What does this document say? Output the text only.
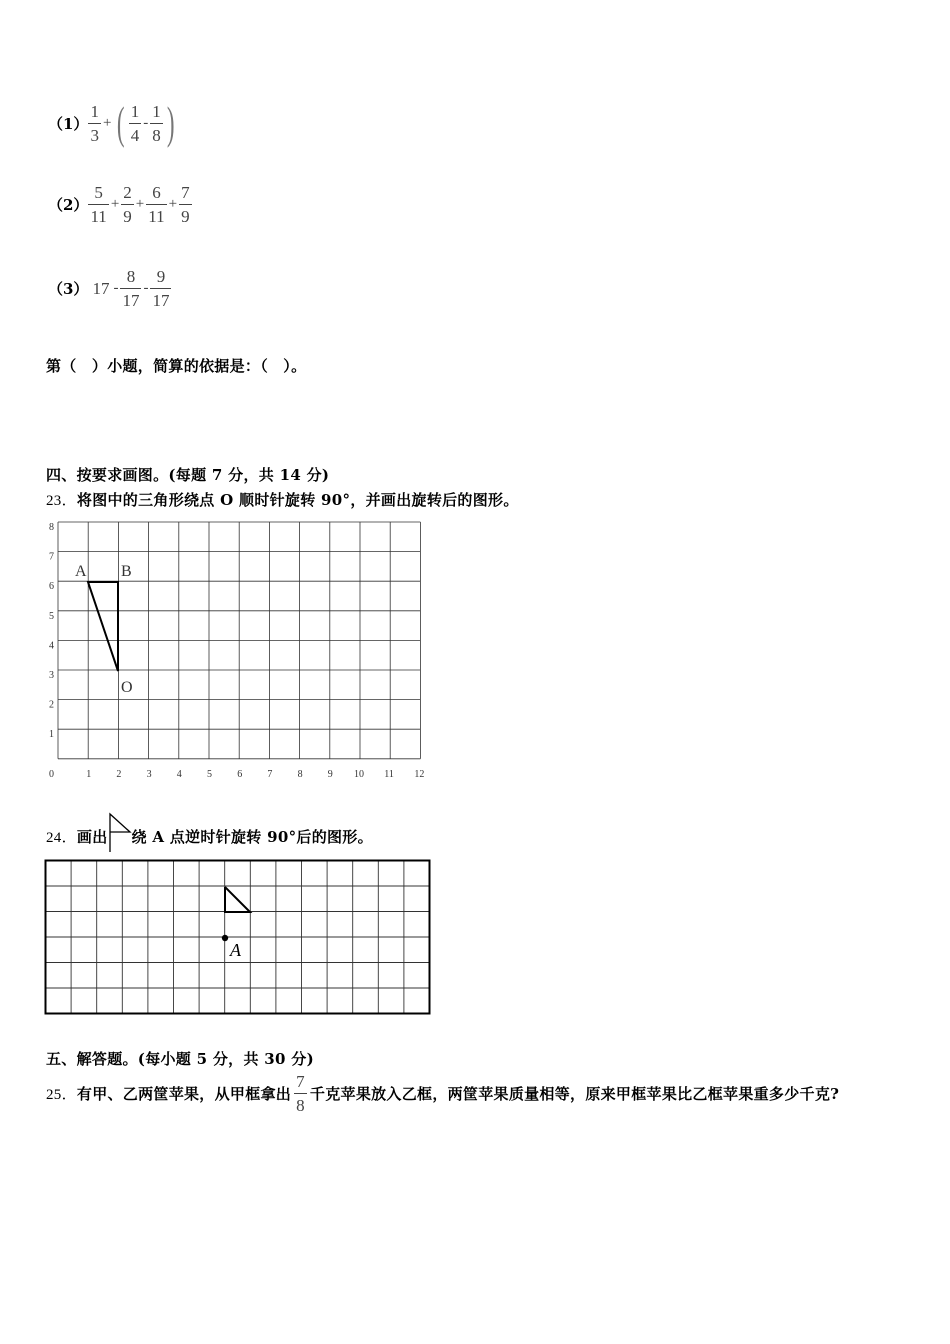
$(1) \frac{1}{3}$ + ( $\frac{1}{4} - \frac{1}{8}$ )
$(2) \frac{5}{11} + \frac{2}{9} + \frac{6}{11} + \frac{7}{9}$
（3） $17 - \frac{8}{17} - \frac{9}{17}$
第（　）小题，简算的依据是：（　）。
四、按要求画图。(每题 7 分，共 14 分)
23．将图中的三角形绕点 O 顺时针旋转 90°，并画出旋转后的图形。
1
2
3
4
5
6
7
8
0	1	2	3	4	5	6	7	8	9 10 11 12
A B
O
24． 画出 绕 A 点逆时针旋转 90°后的图形。
A
五、解答题。(每小题 5 分，共 30 分)
25． 有甲、乙两筐苹果，从甲框拿出 $\frac{7}{8}$ 千克苹果放入乙框，两筐苹果质量相等，原来甲框苹果比乙框苹果重多少千克?
